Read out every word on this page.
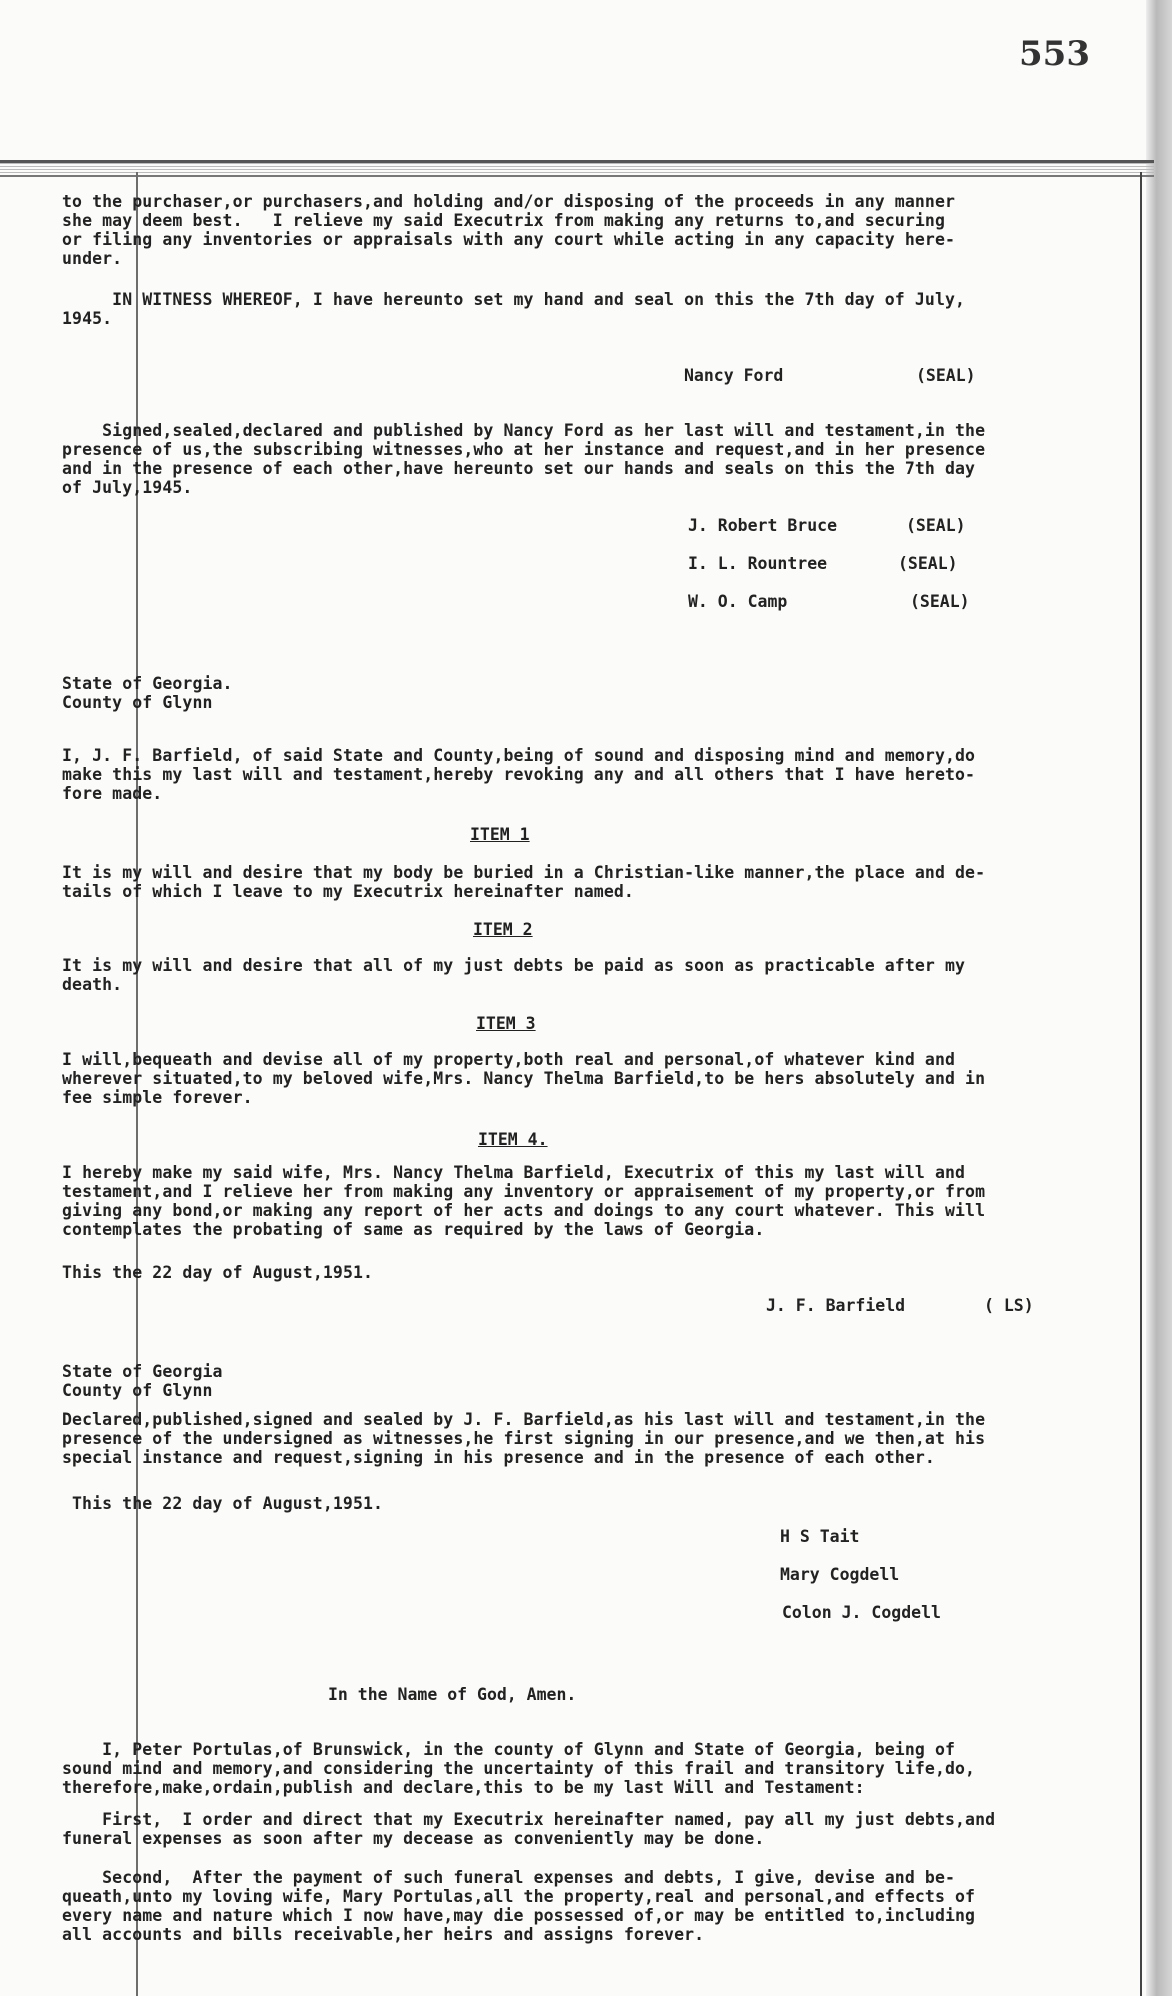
553
to the purchaser,or purchasers,and holding and/or disposing of the proceeds in any manner
she may deem best.   I relieve my said Executrix from making any returns to,and securing
or filing any inventories or appraisals with any court while acting in any capacity here-
under.
IN WITNESS WHEREOF, I have hereunto set my hand and seal on this the 7th day of July,
1945.
Nancy Ford	(SEAL)
Signed,sealed,declared and published by Nancy Ford as her last will and testament,in the
presence of us,the subscribing witnesses,who at her instance and request,and in her presence
and in the presence of each other,have hereunto set our hands and seals on this the 7th day
of July,1945.
J. Robert Bruce	(SEAL)
I. L. Rountree	(SEAL)
W. O. Camp	(SEAL)
State of Georgia.
County of Glynn
I, J. F. Barfield, of said State and County,being of sound and disposing mind and memory,do
make this my last will and testament,hereby revoking any and all others that I have hereto-
fore made.
ITEM 1
It is my will and desire that my body be buried in a Christian-like manner,the place and de-
tails of which I leave to my Executrix hereinafter named.
ITEM 2
It is my will and desire that all of my just debts be paid as soon as practicable after my
death.
ITEM 3
I will,bequeath and devise all of my property,both real and personal,of whatever kind and
wherever situated,to my beloved wife,Mrs. Nancy Thelma Barfield,to be hers absolutely and in
fee simple forever.
ITEM 4.
I hereby make my said wife, Mrs. Nancy Thelma Barfield, Executrix of this my last will and
testament,and I relieve her from making any inventory or appraisement of my property,or from
giving any bond,or making any report of her acts and doings to any court whatever. This will
contemplates the probating of same as required by the laws of Georgia.
This the 22 day of August,1951.
J. F. Barfield	( LS)
State of Georgia
County of Glynn
Declared,published,signed and sealed by J. F. Barfield,as his last will and testament,in the
presence of the undersigned as witnesses,he first signing in our presence,and we then,at his
special instance and request,signing in his presence and in the presence of each other.
This the 22 day of August,1951.
H S Tait
Mary Cogdell
Colon J. Cogdell
In the Name of God, Amen.
I, Peter Portulas,of Brunswick, in the county of Glynn and State of Georgia, being of
sound mind and memory,and considering the uncertainty of this frail and transitory life,do,
therefore,make,ordain,publish and declare,this to be my last Will and Testament:
First,  I order and direct that my Executrix hereinafter named, pay all my just debts,and
funeral expenses as soon after my decease as conveniently may be done.
Second,  After the payment of such funeral expenses and debts, I give, devise and be-
queath,unto my loving wife, Mary Portulas,all the property,real and personal,and effects of
every name and nature which I now have,may die possessed of,or may be entitled to,including
all accounts and bills receivable,her heirs and assigns forever.
